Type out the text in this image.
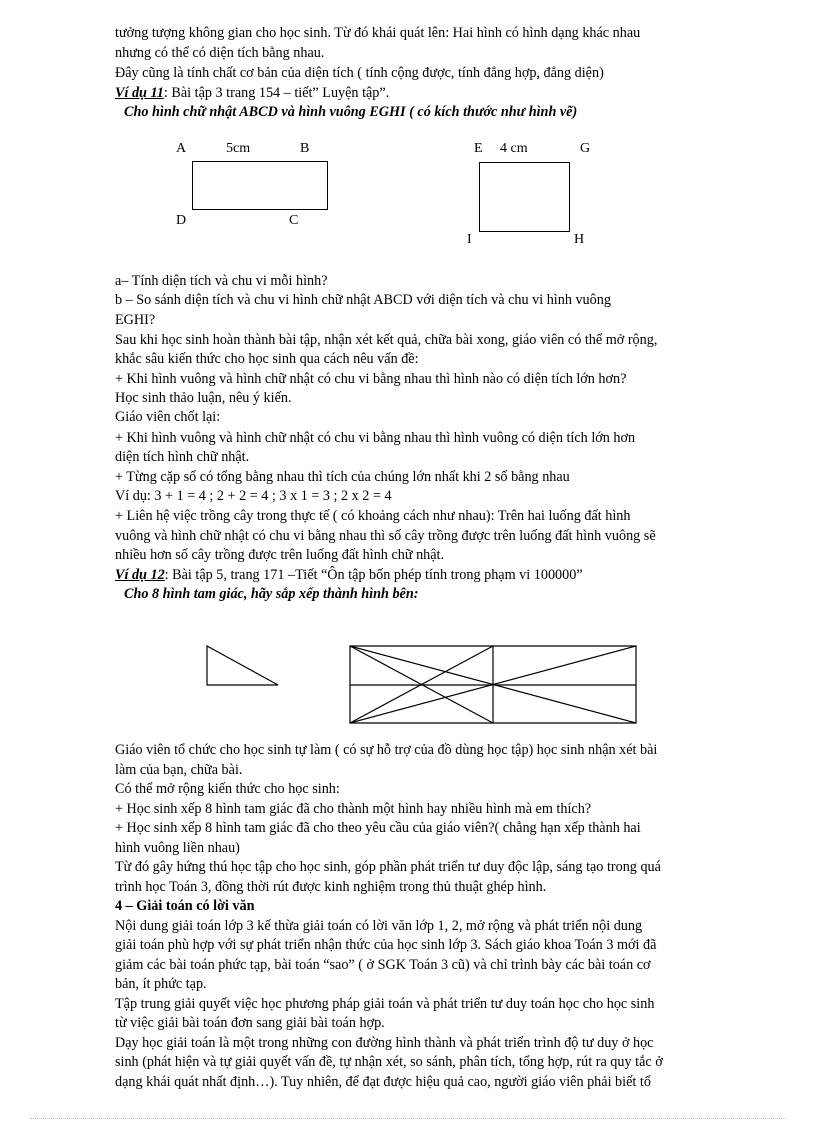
tưởng tượng không gian cho học sinh. Từ đó khái quát lên: Hai hình có hình dạng khác nhau
nhưng có thể có diện tích bằng nhau.
Đây cũng là tính chất cơ bản của diện tích ( tính cộng được, tính đẳng hợp, đẳng diện)
Ví dụ 11: Bài tập 3 trang 154 – tiết” Luyện tập”.
Cho hình chữ nhật ABCD và hình vuông EGHI ( có kích thước như hình vẽ)
A	5cm	B
D	C
E 4 cm	G
I	H
a– Tính diện tích và chu vi mỗi hình?
b – So sánh diện tích và chu vi hình chữ nhật ABCD với diện tích và chu vi hình vuông
EGHI?
Sau khi học sinh hoàn thành bài tập, nhận xét kết quả, chữa bài xong, giáo viên có thể mở rộng,
khắc sâu kiến thức cho học sinh qua cách nêu vấn đề:
+ Khi hình vuông và hình chữ nhật có chu vi bằng nhau thì hình nào có diện tích lớn hơn?
Học sinh thảo luận, nêu ý kiến.
Giáo viên chốt lại:
+ Khi hình vuông và hình chữ nhật có chu vi bằng nhau thì hình vuông có diện tích lớn hơn
diện tích hình chữ nhật.
+ Từng cặp số có tổng bằng nhau thì tích của chúng lớn nhất khi 2 số bằng nhau
Ví dụ: 3 + 1 = 4 ; 2 + 2 = 4 ; 3 x 1 = 3 ; 2 x 2 = 4
+ Liên hệ việc trồng cây trong thực tế ( có khoảng cách như nhau): Trên hai luống đất hình
vuông và hình chữ nhật có chu vi bằng nhau thì số cây trồng được trên luống đất hình vuông sẽ
nhiều hơn số cây trồng được trên luống đất hình chữ nhật.
Ví dụ 12: Bài tập 5, trang 171 –Tiết “Ôn tập bốn phép tính trong phạm vi 100000”
Cho 8 hình tam giác, hãy sắp xếp thành hình bên:
Giáo viên tổ chức cho học sinh tự làm ( có sự hỗ trợ của đồ dùng học tập) học sinh nhận xét bài
làm của bạn, chữa bài.
Có thể mở rộng kiến thức cho học sinh:
+ Học sinh xếp 8 hình tam giác đã cho thành một hình hay nhiều hình mà em thích?
+ Học sinh xếp 8 hình tam giác đã cho theo yêu cầu của giáo viên?( chẳng hạn xếp thành hai
hình vuông liền nhau)
Từ đó gây hứng thú học tập cho học sinh, góp phần phát triển tư duy độc lập, sáng tạo trong quá
trình học Toán 3, đồng thời rút được kinh nghiệm trong thủ thuật ghép hình.
4 – Giải toán có lời văn
Nội dung giải toán lớp 3 kế thừa giải toán có lời văn lớp 1, 2, mở rộng và phát triển nội dung
giải toán phù hợp với sự phát triển nhận thức của học sinh lớp 3. Sách giáo khoa Toán 3 mới đã
giảm các bài toán phức tạp, bài toán “sao” ( ở SGK Toán 3 cũ) và chỉ trình bày các bài toán cơ
bản, ít phức tạp.
Tập trung giải quyết việc học phương pháp giải toán và phát triển tư duy toán học cho học sinh
từ việc giải bài toán đơn sang giải bài toán hợp.
Dạy học giải toán là một trong những con đường hình thành và phát triển trình độ tư duy ở học
sinh (phát hiện và tự giải quyết vấn đề, tự nhận xét, so sánh, phân tích, tổng hợp, rút ra quy tắc ở
dạng khái quát nhất định…). Tuy nhiên, để đạt được hiệu quả cao, người giáo viên phải biết tổ
